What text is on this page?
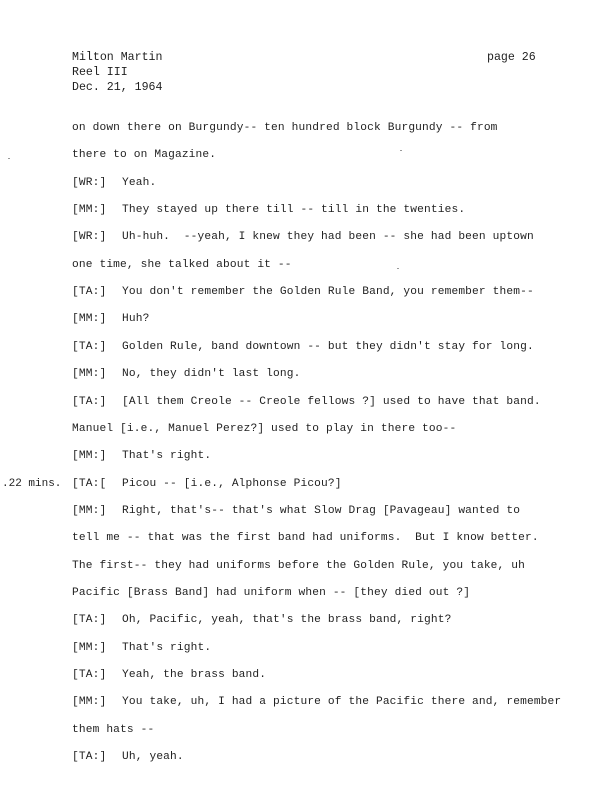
Milton Martin
Reel III
Dec. 21, 1964
page 26
on down there on Burgundy-- ten hundred block Burgundy -- from
there to on Magazine.
[WR:] Yeah.
[MM:] They stayed up there till -- till in the twenties.
[WR:] Uh-huh.  --yeah, I knew they had been -- she had been uptown
one time, she talked about it --
[TA:] You don't remember the Golden Rule Band, you remember them--
[MM:] Huh?
[TA:] Golden Rule, band downtown -- but they didn't stay for long.
[MM:] No, they didn't last long.
[TA:] [All them Creole -- Creole fellows ?] used to have that band.
Manuel [i.e., Manuel Perez?] used to play in there too--
[MM:] That's right.
[TA:[ Picou -- [i.e., Alphonse Picou?]
[MM:] Right, that's-- that's what Slow Drag [Pavageau] wanted to
tell me -- that was the first band had uniforms.  But I know better.
The first-- they had uniforms before the Golden Rule, you take, uh
Pacific [Brass Band] had uniform when -- [they died out ?]
[TA:] Oh, Pacific, yeah, that's the brass band, right?
[MM:] That's right.
[TA:] Yeah, the brass band.
[MM:] You take, uh, I had a picture of the Pacific there and, remember
them hats --
[TA:] Uh, yeah.
.22 mins.
